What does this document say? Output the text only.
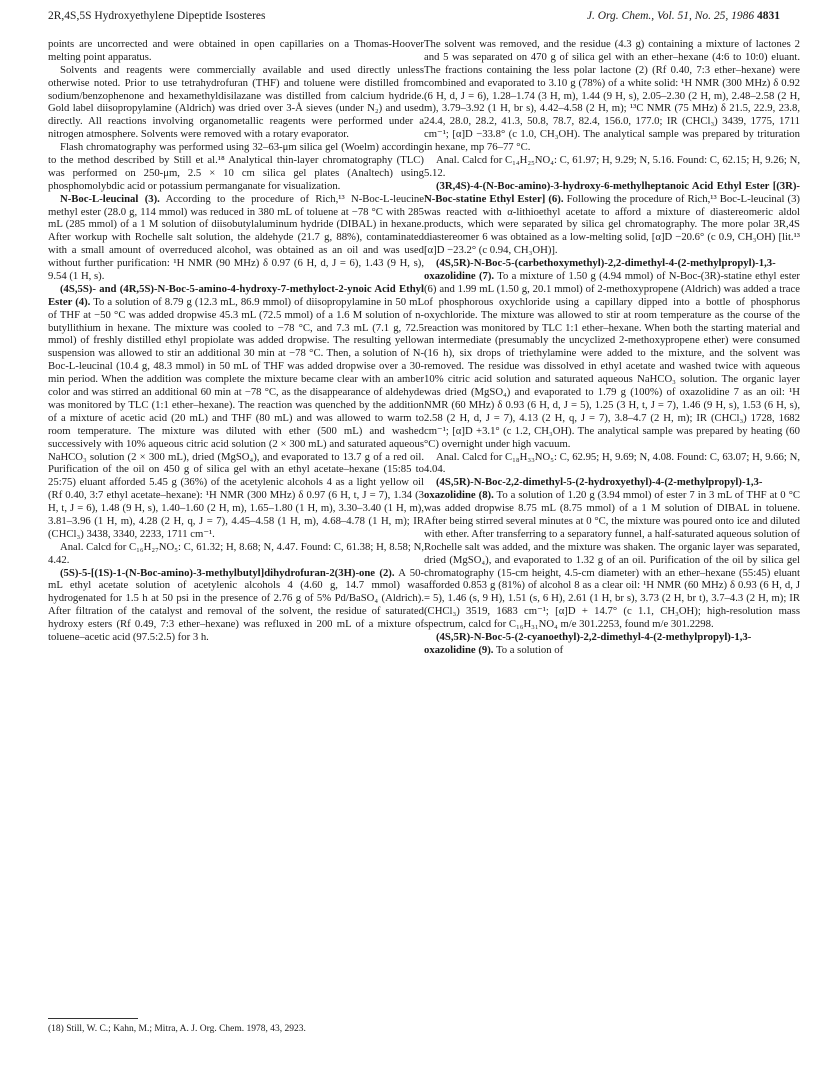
2R,4S,5S Hydroxyethylene Dipeptide Isosteres	J. Org. Chem., Vol. 51, No. 25, 1986 4831

points are uncorrected and were obtained in open capillaries on a Thomas-Hoover melting point apparatus.

Solvents and reagents were commercially available and used directly unless otherwise noted. Prior to use tetrahydrofuran (THF) and toluene were distilled from sodium/benzophenone and hexamethyldisilazane was distilled from calcium hydride. Gold label diisopropylamine (Aldrich) was dried over 3-Å sieves (under N₂) and used directly. All reactions involving organometallic reagents were performed under a nitrogen atmosphere. Solvents were removed with a rotary evaporator.

Flash chromatography was performed using 32–63-μm silica gel (Woelm) according to the method described by Still et al.¹⁸ Analytical thin-layer chromatography (TLC) was performed on 250-μm, 2.5 × 10 cm silica gel plates (Analtech) using phosphomolybdic acid or potassium permanganate for visualization.

N-Boc-L-leucinal (3). According to the procedure of Rich,¹³ N-Boc-L-leucine methyl ester (28.0 g, 114 mmol) was reduced in 380 mL of toluene at −78 °C with 285 mL (285 mmol) of a 1 M solution of diisobutylaluminum hydride (DIBAL) in hexane. After workup with Rochelle salt solution, the aldehyde (21.7 g, 88%), contaminated with a small amount of overreduced alcohol, was obtained as an oil and was used without further purification: ¹H NMR (90 MHz) δ 0.97 (6 H, d, J = 6), 1.43 (9 H, s), 9.54 (1 H, s).

(4S,5S)- and (4R,5S)-N-Boc-5-amino-4-hydroxy-7-methyloct-2-ynoic Acid Ethyl Ester (4). To a solution of 8.79 g (12.3 mL, 86.9 mmol) of diisopropylamine in 50 mL of THF at −50 °C was added dropwise 45.3 mL (72.5 mmol) of a 1.6 M solution of n-butyllithium in hexane. The mixture was cooled to −78 °C, and 7.3 mL (7.1 g, 72.5 mmol) of freshly distilled ethyl propiolate was added dropwise. The resulting yellow suspension was allowed to stir an additional 30 min at −78 °C. Then, a solution of N-Boc-L-leucinal (10.4 g, 48.3 mmol) in 50 mL of THF was added dropwise over a 30-min period. When the addition was complete the mixture became clear with an amber color and was stirred an additional 60 min at −78 °C, as the disappearance of aldehyde was monitored by TLC (1:1 ether–hexane). The reaction was quenched by the addition of a mixture of acetic acid (20 mL) and THF (80 mL) and was allowed to warm to room temperature. The mixture was diluted with ether (500 mL) and washed successively with 10% aqueous citric acid solution (2 × 300 mL) and saturated aqueous NaHCO₃ solution (2 × 300 mL), dried (MgSO₄), and evaporated to 13.7 g of a red oil. Purification of the oil on 450 g of silica gel with an ethyl acetate–hexane (15:85 to 25:75) eluant afforded 5.45 g (36%) of the acetylenic alcohols 4 as a light yellow oil (Rf 0.40, 3:7 ethyl acetate–hexane): ¹H NMR (300 MHz) δ 0.97 (6 H, t, J = 7), 1.34 (3 H, t, J = 6), 1.48 (9 H, s), 1.40–1.60 (2 H, m), 1.65–1.80 (1 H, m), 3.30–3.40 (1 H, m), 3.81–3.96 (1 H, m), 4.28 (2 H, q, J = 7), 4.45–4.58 (1 H, m), 4.68–4.78 (1 H, m); IR (CHCl₃) 3438, 3340, 2233, 1711 cm⁻¹.

Anal. Calcd for C₁₆H₂₇NO₅: C, 61.32; H, 8.68; N, 4.47. Found: C, 61.38; H, 8.58; N, 4.42.

(5S)-5-[(1S)-1-(N-Boc-amino)-3-methylbutyl]dihydrofuran-2(3H)-one (2). A 50-mL ethyl acetate solution of acetylenic alcohols 4 (4.60 g, 14.7 mmol) was hydrogenated for 1.5 h at 50 psi in the presence of 2.76 g of 5% Pd/BaSO₄ (Aldrich). After filtration of the catalyst and removal of the solvent, the residue of saturated hydroxy esters (Rf 0.49, 7:3 ether–hexane) was refluxed in 200 mL of a mixture of toluene–acetic acid (97.5:2.5) for 3 h.

The solvent was removed, and the residue (4.3 g) containing a mixture of lactones 2 and 5 was separated on 470 g of silica gel with an ether–hexane (4:6 to 10:0) eluant. The fractions containing the less polar lactone (2) (Rf 0.40, 7:3 ether–hexane) were combined and evaporated to 3.10 g (78%) of a white solid: ¹H NMR (300 MHz) δ 0.92 (6 H, d, J = 6), 1.28–1.74 (3 H, m), 1.44 (9 H, s), 2.05–2.30 (2 H, m), 2.48–2.58 (2 H, m), 3.79–3.92 (1 H, br s), 4.42–4.58 (2 H, m); ¹³C NMR (75 MHz) δ 21.5, 22.9, 23.8, 24.4, 28.0, 28.2, 41.3, 50.8, 78.7, 82.4, 156.0, 177.0; IR (CHCl₃) 3439, 1775, 1711 cm⁻¹; [α]D −33.8° (c 1.0, CH₃OH). The analytical sample was prepared by trituration in hexane, mp 76–77 °C.

Anal. Calcd for C₁₄H₂₅NO₄: C, 61.97; H, 9.29; N, 5.16. Found: C, 62.15; H, 9.26; N, 5.12.

(3R,4S)-4-(N-Boc-amino)-3-hydroxy-6-methylheptanoic Acid Ethyl Ester [(3R)-N-Boc-statine Ethyl Ester] (6). Following the procedure of Rich,¹³ Boc-L-leucinal (3) was reacted with α-lithioethyl acetate to afford a mixture of diastereomeric aldol products, which were separated by silica gel chromatography. The more polar 3R,4S diastereomer 6 was obtained as a low-melting solid, [α]D −20.6° (c 0.9, CH₃OH) [lit.¹³ [α]D −23.2° (c 0.94, CH₃OH)].

(4S,5R)-N-Boc-5-(carbethoxymethyl)-2,2-dimethyl-4-(2-methylpropyl)-1,3-oxazolidine (7). To a mixture of 1.50 g (4.94 mmol) of N-Boc-(3R)-statine ethyl ester (6) and 1.99 mL (1.50 g, 20.1 mmol) of 2-methoxypropene (Aldrich) was added a trace of phosphorous oxychloride using a capillary dipped into a bottle of phosphorus oxychloride. The mixture was allowed to stir at room temperature as the course of the reaction was monitored by TLC 1:1 ether–hexane. When both the starting material and an intermediate (presumably the uncyclized 2-methoxypropene ether) were consumed (16 h), six drops of triethylamine were added to the mixture, and the solvent was removed. The residue was dissolved in ethyl acetate and washed twice with aqueous 10% citric acid solution and saturated aqueous NaHCO₃ solution. The organic layer was dried (MgSO₄) and evaporated to 1.79 g (100%) of oxazolidine 7 as an oil: ¹H NMR (60 MHz) δ 0.93 (6 H, d, J = 5), 1.25 (3 H, t, J = 7), 1.46 (9 H, s), 1.53 (6 H, s), 2.58 (2 H, d, J = 7), 4.13 (2 H, q, J = 7), 3.8–4.7 (2 H, m); IR (CHCl₃) 1728, 1682 cm⁻¹; [α]D +3.1° (c 1.2, CH₃OH). The analytical sample was prepared by heating (60 °C) overnight under high vacuum.

Anal. Calcd for C₁₈H₃₃NO₅: C, 62.95; H, 9.69; N, 4.08. Found: C, 63.07; H, 9.66; N, 4.04.

(4S,5R)-N-Boc-2,2-dimethyl-5-(2-hydroxyethyl)-4-(2-methylpropyl)-1,3-oxazolidine (8). To a solution of 1.20 g (3.94 mmol) of ester 7 in 3 mL of THF at 0 °C was added dropwise 8.75 mL (8.75 mmol) of a 1 M solution of DIBAL in toluene. After being stirred several minutes at 0 °C, the mixture was poured onto ice and diluted with ether. After transferring to a separatory funnel, a half-saturated aqueous solution of Rochelle salt was added, and the mixture was shaken. The organic layer was separated, dried (MgSO₄), and evaporated to 1.32 g of an oil. Purification of the oil by silica gel chromatography (15-cm height, 4.5-cm diameter) with an ether–hexane (55:45) eluant afforded 0.853 g (81%) of alcohol 8 as a clear oil: ¹H NMR (60 MHz) δ 0.93 (6 H, d, J = 5), 1.46 (s, 9 H), 1.51 (s, 6 H), 2.61 (1 H, br s), 3.73 (2 H, br t), 3.7–4.3 (2 H, m); IR (CHCl₃) 3519, 1683 cm⁻¹; [α]D + 14.7° (c 1.1, CH₃OH); high-resolution mass spectrum, calcd for C₁₆H₃₁NO₄ m/e 301.2253, found m/e 301.2298.

(4S,5R)-N-Boc-5-(2-cyanoethyl)-2,2-dimethyl-4-(2-methylpropyl)-1,3-oxazolidine (9). To a solution of

(18) Still, W. C.; Kahn, M.; Mitra, A. J. Org. Chem. 1978, 43, 2923.
